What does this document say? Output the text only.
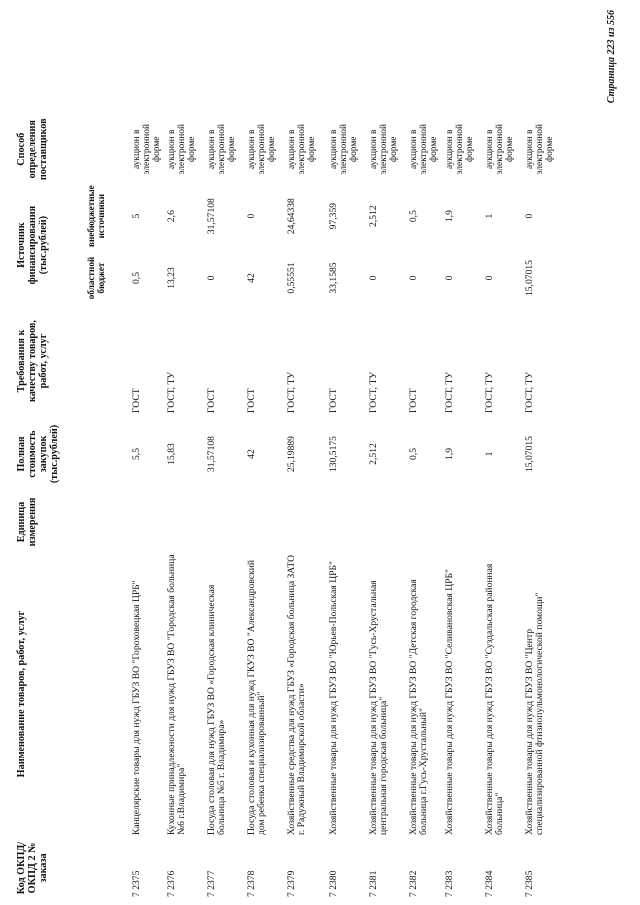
Код ОКПД/ ОКПД 2 № заказа	Наименование товаров, работ, услуг	Единица измерения	Полная стоимость закупок (тыс.рублей)	Требования к качеству товаров, работ, услуг	Источник финансирования (тыс.рублей)		Способ определения поставщиков
					областной бюджет	внебюджетные источники	

7 2375	Канцелярские товары для нужд ГБУЗ ВО "Гороховецкая ЦРБ"		5,5	ГОСТ	0,5	5	аукцион в электронной форме
7 2376	Кухонные принадлежности для нужд ГБУЗ ВО "Городская больница №6 г.Владимира"		15,83	ГОСТ, ТУ	13,23	2,6	аукцион в электронной форме
7 2377	Посуда столовая для нужд ГБУЗ ВО «Городская клиническая больница №5 г. Владимира»		31,57108	ГОСТ	0	31,57108	аукцион в электронной форме
7 2378	Посуда столовая и кухонная для нужд ГКУЗ ВО "Александровский дом ребенка специализированный"		42	ГОСТ	42	0	аукцион в электронной форме
7 2379	Хозяйственные средства для нужд ГБУЗ «Городская больница ЗАТО г. Радужный Владимирской области»		25,19889	ГОСТ, ТУ	0,55551	24,64338	аукцион в электронной форме
7 2380	Хозяйственные товары для нужд ГБУЗ ВО "Юрьев-Польская ЦРБ"		130,5175	ГОСТ	33,1585	97,359	аукцион в электронной форме
7 2381	Хозяйственные товары для нужд ГБУЗ ВО "Гусь-Хрустальная центральная городская больница"		2,512	ГОСТ, ТУ	0	2,512	аукцион в электронной форме
7 2382	Хозяйственные товары для нужд ГБУЗ ВО "Детская городская больница г.Гусь-Хрустальный"		0,5	ГОСТ	0	0,5	аукцион в электронной форме
7 2383	Хозяйственные товары для нужд ГБУЗ ВО "Селивановская ЦРБ"		1,9	ГОСТ, ТУ	0	1,9	аукцион в электронной форме
7 2384	Хозяйственные товары для нужд ГБУЗ ВО "Суздальская районная больница"		1	ГОСТ, ТУ	0	1	аукцион в электронной форме
7 2385	Хозяйственные товары для нужд ГБУЗ ВО "Центр специализированной фтизиопульмонологической помощи"		15,07015	ГОСТ, ТУ	15,07015	0	аукцион в электронной форме
Страница 223 из 556
